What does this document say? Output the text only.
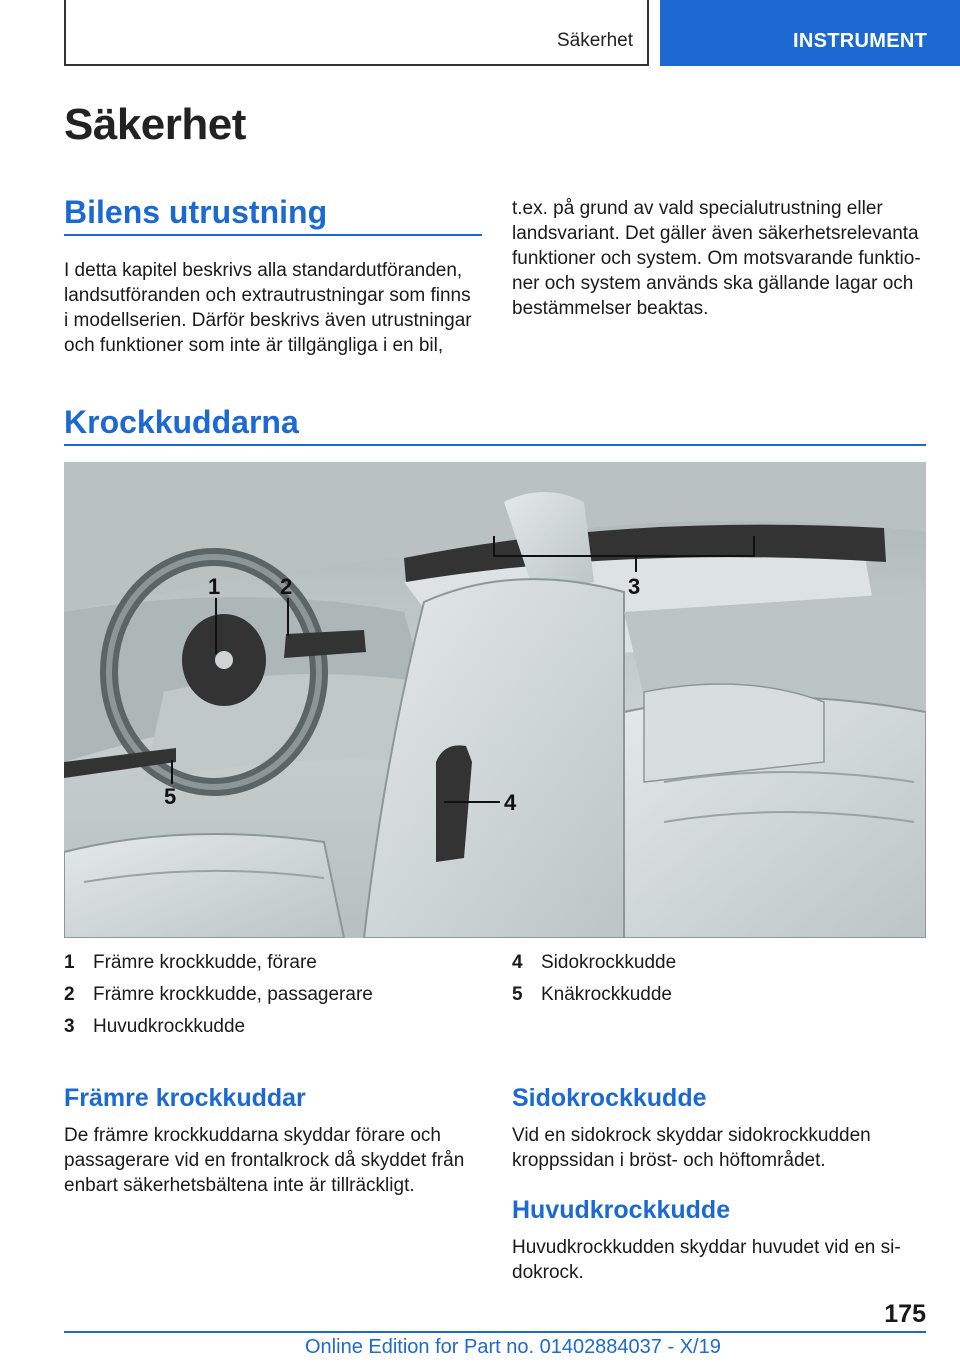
Säkerhet	INSTRUMENT
Säkerhet
Bilens utrustning
I detta kapitel beskrivs alla standardutföranden,
landsutföranden och extrautrustningar som finns
i modellserien. Därför beskrivs även utrustningar
och funktioner som inte är tillgängliga i en bil,
t.ex. på grund av vald specialutrustning eller
landsvariant. Det gäller även säkerhetsrelevanta
funktioner och system. Om motsvarande funktio-
ner och system används ska gällande lagar och
bestämmelser beaktas.
Krockkuddarna
1	2	3
4
5
1 Främre krockkudde, förare
2 Främre krockkudde, passagerare
3 Huvudkrockkudde
4 Sidokrockkudde
5 Knäkrockkudde
Främre krockkuddar
De främre krockkuddarna skyddar förare och
passagerare vid en frontalkrock då skyddet från
enbart säkerhetsbältena inte är tillräckligt.
Sidokrockkudde
Vid en sidokrock skyddar sidokrockkudden
kroppssidan i bröst- och höftområdet.
Huvudkrockkudde
Huvudkrockkudden skyddar huvudet vid en si-
dokrock.
175
Online Edition for Part no. 01402884037 - X/19
